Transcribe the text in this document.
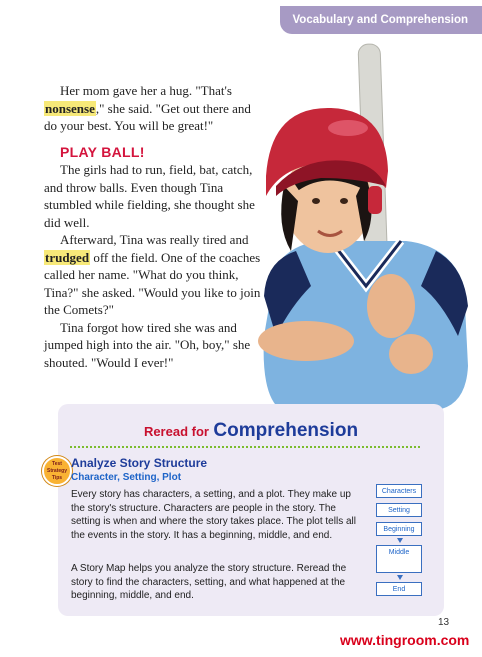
Vocabulary and Comprehension

Her mom gave her a hug. "That's nonsense," she said. "Get out there and do your best. You will be great!"

PLAY BALL!

The girls had to run, field, bat, catch, and throw balls. Even though Tina stumbled while fielding, she thought she did well.

Afterward, Tina was really tired and trudged off the field. One of the coaches called her name. "What do you think, Tina?" she asked. "Would you like to join the Comets?"

Tina forgot how tired she was and jumped high into the air. "Oh, boy," she shouted. "Would I ever!"

Reread for Comprehension
Test Strategy Tips
Analyze Story Structure
Character, Setting, Plot

Every story has characters, a setting, and a plot. They make up the story's structure. Characters are people in the story. The setting is when and where the story takes place. The plot tells all the events in the story. It has a beginning, middle, and end.

A Story Map helps you analyze the story structure. Reread the story to find the characters, setting, and what happened at the beginning, middle, and end.

Characters
Setting
Beginning
Middle
End
13
www.tingroom.com
